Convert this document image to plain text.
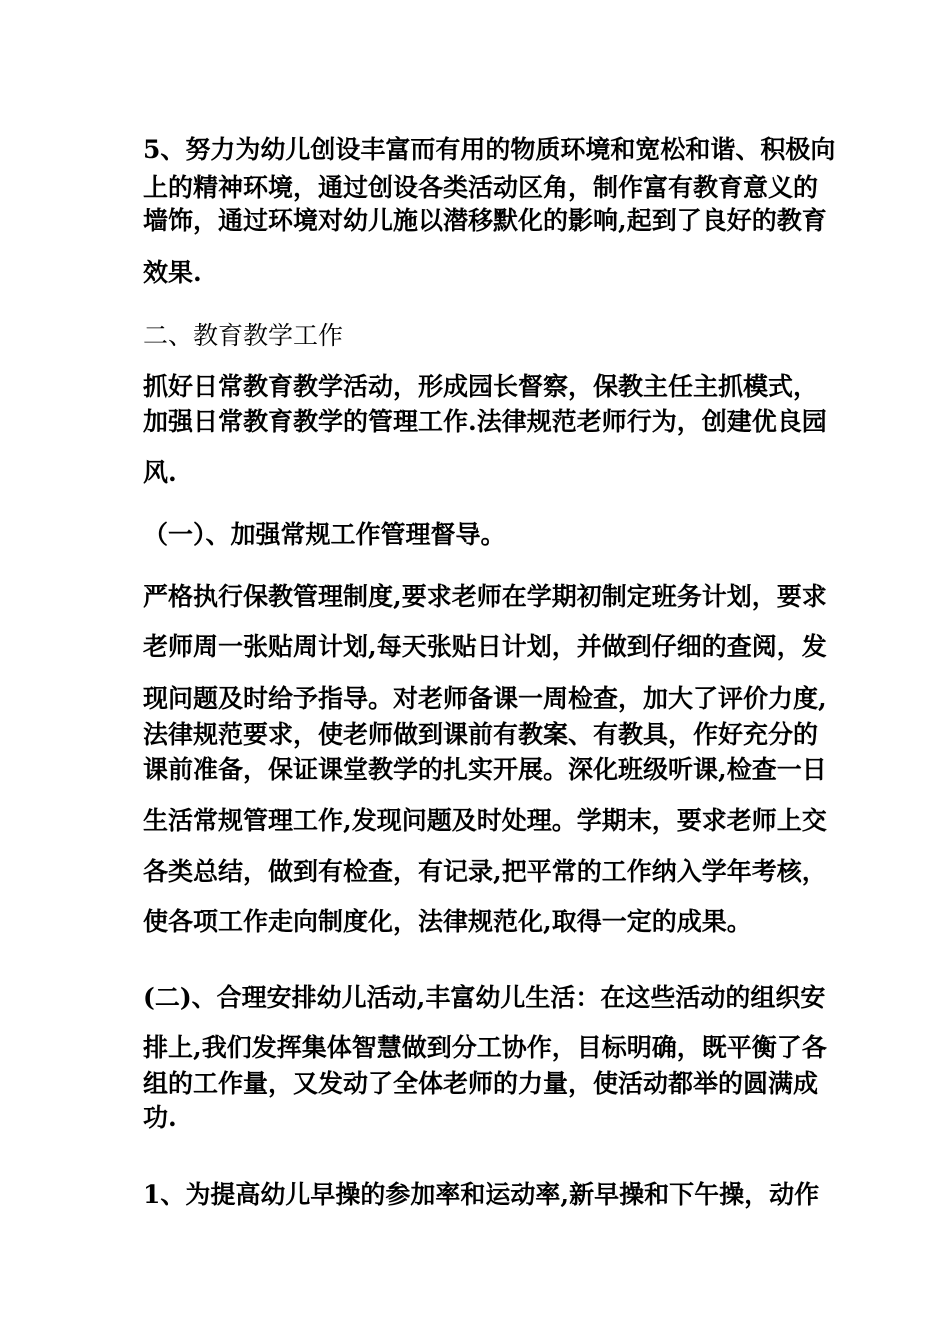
5、努力为幼儿创设丰富而有用的物质环境和宽松和谐、积极向
上的精神环境，通过创设各类活动区角，制作富有教育意义的
墙饰，通过环境对幼儿施以潜移默化的影响,起到了良好的教育
效果.
二、教育教学工作
抓好日常教育教学活动，形成园长督察，保教主任主抓模式，
加强日常教育教学的管理工作.法律规范老师行为，创建优良园
风.
（一）、加强常规工作管理督导。
严格执行保教管理制度,要求老师在学期初制定班务计划，要求
老师周一张贴周计划,每天张贴日计划，并做到仔细的查阅，发
现问题及时给予指导。对老师备课一周检查，加大了评价力度,
法律规范要求，使老师做到课前有教案、有教具，作好充分的
课前准备，保证课堂教学的扎实开展。深化班级听课,检查一日
生活常规管理工作,发现问题及时处理。学期末，要求老师上交
各类总结，做到有检查，有记录,把平常的工作纳入学年考核，
使各项工作走向制度化，法律规范化,取得一定的成果。
(二)、合理安排幼儿活动,丰富幼儿生活：在这些活动的组织安
排上,我们发挥集体智慧做到分工协作，目标明确，既平衡了各
组的工作量，又发动了全体老师的力量，使活动都举的圆满成
功.
1、为提高幼儿早操的参加率和运动率,新早操和下午操，动作
